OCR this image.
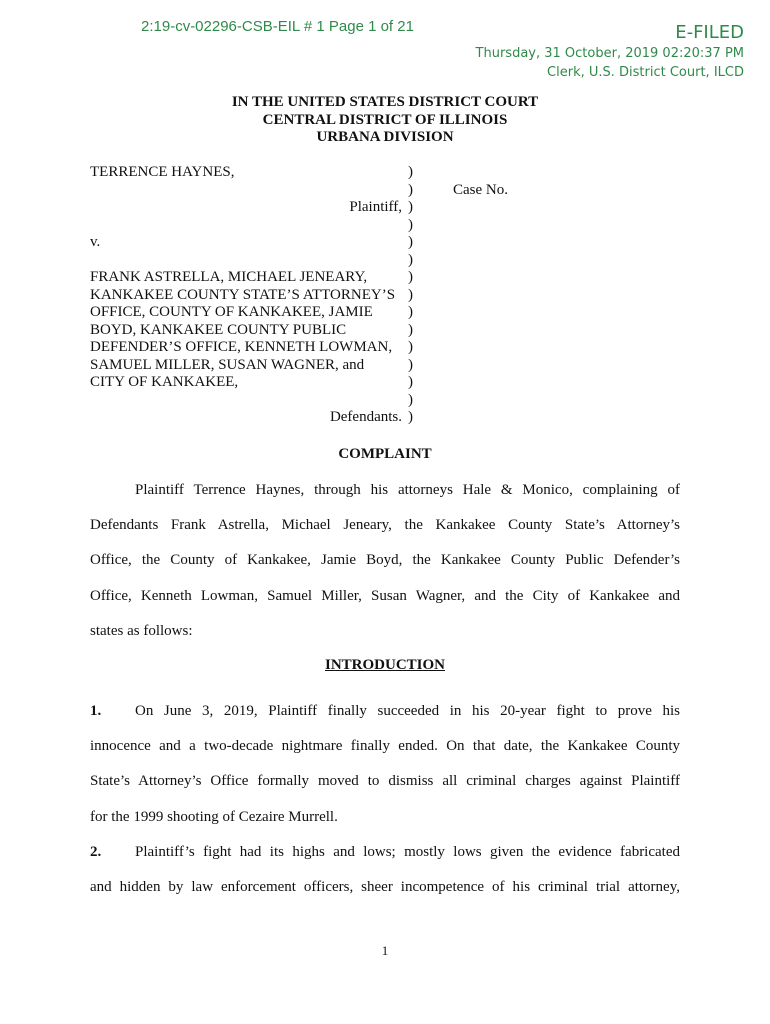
2:19-cv-02296-CSB-EIL # 1 Page 1 of 21	E-FILED
Thursday, 31 October, 2019 02:20:37 PM
Clerk, U.S. District Court, ILCD
IN THE UNITED STATES DISTRICT COURT
CENTRAL DISTRICT OF ILLINOIS
URBANA DIVISION
TERRENCE HAYNES,

Plaintiff,

v.

FRANK ASTRELLA, MICHAEL JENEARY,
KANKAKEE COUNTY STATE’S ATTORNEY’S
OFFICE, COUNTY OF KANKAKEE, JAMIE
BOYD, KANKAKEE COUNTY PUBLIC
DEFENDER’S OFFICE, KENNETH LOWMAN,
SAMUEL MILLER, SUSAN WAGNER, and
CITY OF KANKAKEE,

Defendants.
)
)
)
)
)
)
)
)
)
)
)
)
)
)
)
Case No.
COMPLAINT
Plaintiff Terrence Haynes, through his attorneys Hale & Monico, complaining of
Defendants Frank Astrella, Michael Jeneary, the Kankakee County State’s Attorney’s
Office, the County of Kankakee, Jamie Boyd, the Kankakee County Public Defender’s
Office, Kenneth Lowman, Samuel Miller, Susan Wagner, and the City of Kankakee and
states as follows:
INTRODUCTION
1. On June 3, 2019, Plaintiff finally succeeded in his 20-year fight to prove his
innocence and a two-decade nightmare finally ended. On that date, the Kankakee County
State’s Attorney’s Office formally moved to dismiss all criminal charges against Plaintiff
for the 1999 shooting of Cezaire Murrell.
2. Plaintiff’s fight had its highs and lows; mostly lows given the evidence fabricated
and hidden by law enforcement officers, sheer incompetence of his criminal trial attorney,
1
